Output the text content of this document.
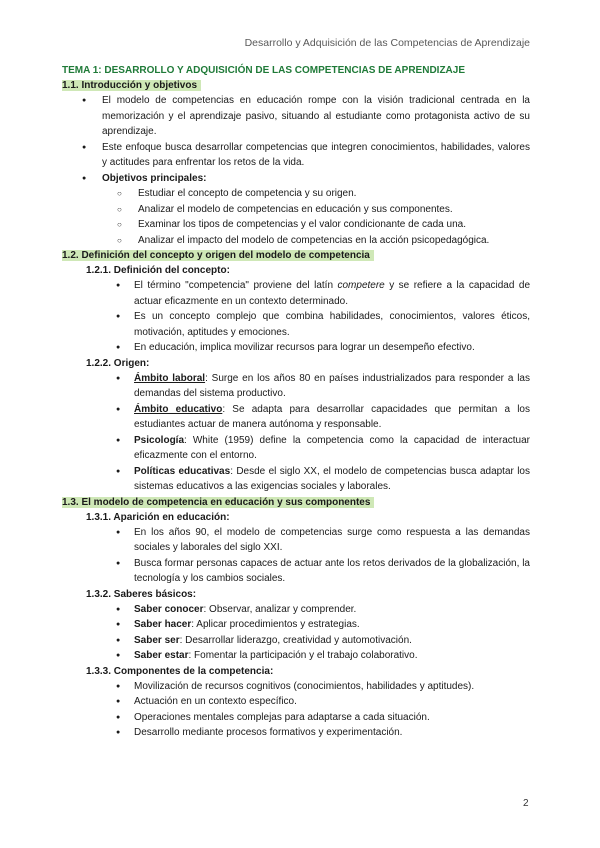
Desarrollo y Adquisición de las Competencias de Aprendizaje
TEMA 1: DESARROLLO Y ADQUISICIÓN DE LAS COMPETENCIAS DE APRENDIZAJE
1.1. Introducción y objetivos
● El modelo de competencias en educación rompe con la visión tradicional centrada en la memorización y el aprendizaje pasivo, situando al estudiante como protagonista activo de su aprendizaje.
● Este enfoque busca desarrollar competencias que integren conocimientos, habilidades, valores y actitudes para enfrentar los retos de la vida.
● Objetivos principales:
○ Estudiar el concepto de competencia y su origen.
○ Analizar el modelo de competencias en educación y sus componentes.
○ Examinar los tipos de competencias y el valor condicionante de cada una.
○ Analizar el impacto del modelo de competencias en la acción psicopedagógica.
1.2. Definición del concepto y origen del modelo de competencia
1.2.1. Definición del concepto:
● El término "competencia" proviene del latín competere y se refiere a la capacidad de actuar eficazmente en un contexto determinado.
● Es un concepto complejo que combina habilidades, conocimientos, valores éticos, motivación, aptitudes y emociones.
● En educación, implica movilizar recursos para lograr un desempeño efectivo.
1.2.2. Origen:
● Ámbito laboral: Surge en los años 80 en países industrializados para responder a las demandas del sistema productivo.
● Ámbito educativo: Se adapta para desarrollar capacidades que permitan a los estudiantes actuar de manera autónoma y responsable.
● Psicología: White (1959) define la competencia como la capacidad de interactuar eficazmente con el entorno.
● Políticas educativas: Desde el siglo XX, el modelo de competencias busca adaptar los sistemas educativos a las exigencias sociales y laborales.
1.3. El modelo de competencia en educación y sus componentes
1.3.1. Aparición en educación:
● En los años 90, el modelo de competencias surge como respuesta a las demandas sociales y laborales del siglo XXI.
● Busca formar personas capaces de actuar ante los retos derivados de la globalización, la tecnología y los cambios sociales.
1.3.2. Saberes básicos:
● Saber conocer: Observar, analizar y comprender.
● Saber hacer: Aplicar procedimientos y estrategias.
● Saber ser: Desarrollar liderazgo, creatividad y automotivación.
● Saber estar: Fomentar la participación y el trabajo colaborativo.
1.3.3. Componentes de la competencia:
● Movilización de recursos cognitivos (conocimientos, habilidades y aptitudes).
● Actuación en un contexto específico.
● Operaciones mentales complejas para adaptarse a cada situación.
● Desarrollo mediante procesos formativos y experimentación.
2
